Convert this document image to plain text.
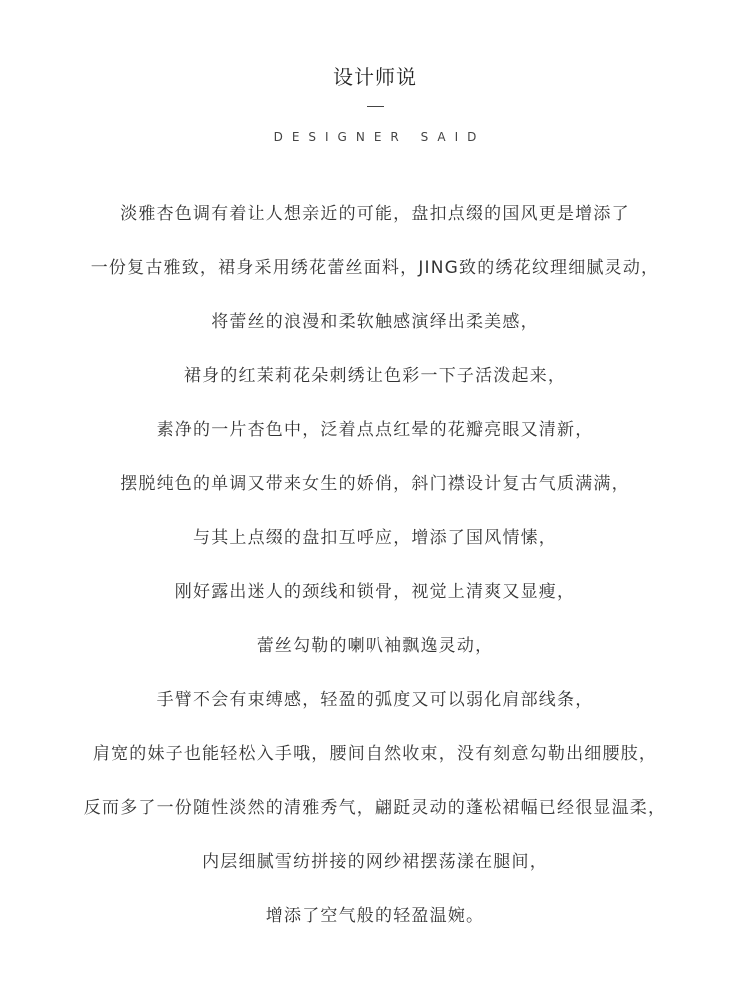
设计师说
DESIGNER SAID
淡雅杏色调有着让人想亲近的可能，盘扣点缀的国风更是增添了
一份复古雅致，裙身采用绣花蕾丝面料，JING致的绣花纹理细腻灵动，
将蕾丝的浪漫和柔软触感演绎出柔美感，
裙身的红茉莉花朵刺绣让色彩一下子活泼起来，
素净的一片杏色中，泛着点点红晕的花瓣亮眼又清新，
摆脱纯色的单调又带来女生的娇俏，斜门襟设计复古气质满满，
与其上点缀的盘扣互呼应，增添了国风情愫，
刚好露出迷人的颈线和锁骨，视觉上清爽又显瘦，
蕾丝勾勒的喇叭袖飘逸灵动，
手臂不会有束缚感，轻盈的弧度又可以弱化肩部线条，
肩宽的妹子也能轻松入手哦，腰间自然收束，没有刻意勾勒出细腰肢，
反而多了一份随性淡然的清雅秀气，翩跹灵动的蓬松裙幅已经很显温柔，
内层细腻雪纺拼接的网纱裙摆荡漾在腿间，
增添了空气般的轻盈温婉。
